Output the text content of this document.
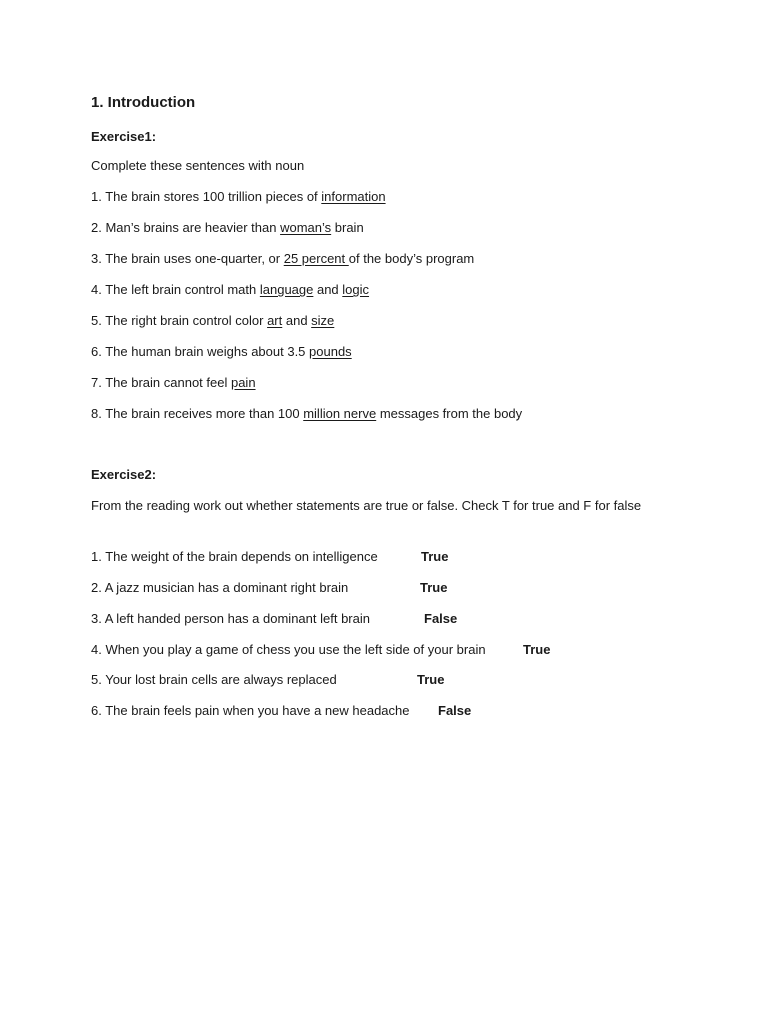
1. Introduction
Exercise1:
Complete these sentences with noun
1. The brain stores 100 trillion pieces of information
2. Man’s brains are heavier than woman’s brain
3. The brain uses one-quarter, or 25 percent of the body’s program
4. The left brain control math language and logic
5. The right brain control color art and size
6. The human brain weighs about 3.5 pounds
7. The brain cannot feel pain
8. The brain receives more than 100 million nerve messages from the body
Exercise2:
From the reading work out whether statements are true or false. Check T for true and F for false
1. The weight of the brain depends on intelligence	True
2. A jazz musician has a dominant right brain	True
3. A left handed person has a dominant left brain	False
4. When you play a game of chess you use the left side of your brain	True
5. Your lost brain cells are always replaced	True
6. The brain feels pain when you have a new headache False
